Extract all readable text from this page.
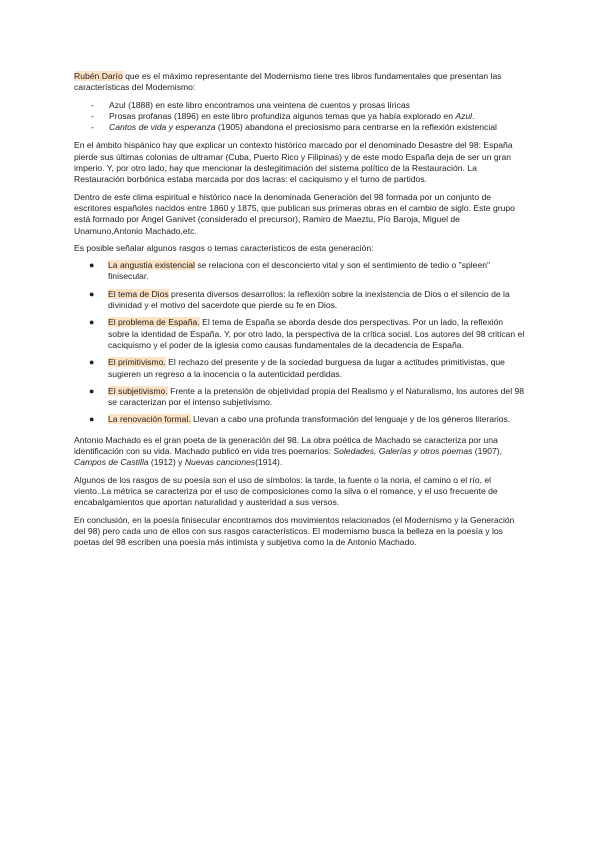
Rubén Darío que es el máximo representante del Modernismo tiene tres libros fundamentales que presentan las características del Modernismo:

- Azul (1888) en este libro encontramos una veintena de cuentos y prosas líricas
- Prosas profanas (1896) en este libro profundiza algunos temas que ya había explorado en Azul.
- Cantos de vida y esperanza (1905) abandona el preciosismo para centrarse en la reflexión existencial

En el ámbito hispánico hay que explicar un contexto histórico marcado por el denominado Desastre del 98: España pierde sus últimas colonias de ultramar (Cuba, Puerto Rico y Filipinas) y de este modo España deja de ser un gran imperio. Y, por otro lado, hay que mencionar la deslegitimación del sistema político de la Restauración. La Restauración borbónica estaba marcada por dos lacras: el caciquismo y el turno de partidos.

Dentro de este clima espiritual e histórico nace la denominada Generación del 98 formada por un conjunto de escritores españoles nacidos entre 1860 y 1875, que publican sus primeras obras en el cambio de siglo. Este grupo está formado por Ángel Ganivet (considerado el precursor), Ramiro de Maeztu, Pío Baroja, Miguel de Unamuno,Antonio Machado,etc.

Es posible señalar algunos rasgos o temas característicos de esta generación:

● La angustia existencial se relaciona con el desconcierto vital y son el sentimiento de tedio o "spleen" finisecular.
● El tema de Dios presenta diversos desarrollos: la reflexión sobre la inexistencia de Dios o el silencio de la divinidad y el motivo del sacerdote que pierde su fe en Dios.
● El problema de España. El tema de España se aborda desde dos perspectivas. Por un lado, la reflexión sobre la identidad de España. Y, por otro lado, la perspectiva de la crítica social. Los autores del 98 critican el caciquismo y el poder de la iglesia como causas fundamentales de la decadencia de España.
● El primitivismo. El rechazo del presente y de la sociedad burguesa da lugar a actitudes primitivistas, que sugieren un regreso a la inocencia o la autenticidad perdidas.
● El subjetivismo. Frente a la pretensión de objetividad propia del Realismo y el Naturalismo, los autores del 98 se caracterizan por el intenso subjetivismo.
● La renovación formal. Llevan a cabo una profunda transformación del lenguaje y de los géneros literarios.

Antonio Machado es el gran poeta de la generación del 98. La obra poética de Machado se caracteriza por una identificación con su vida. Machado publicó en vida tres poemarios: Soledades, Galerías y otros poemas (1907), Campos de Castilla (1912) y Nuevas canciones(1914).

Algunos de los rasgos de su poesía son el uso de símbolos: la tarde, la fuente o la noria, el camino o el río, el viento..La métrica se caracteriza por el uso de composiciones como la silva o el romance, y el uso frecuente de encabalgamientos que aportan naturalidad y austeridad a sus versos.

En conclusión, en la poesía finisecular encontramos dos movimientos relacionados (el Modernismo y la Generación del 98) pero cada uno de ellos con sus rasgos característicos. El modernismo busca la belleza en la poesía y los poetas del 98 escriben una poesía más intimista y subjetiva como la de Antonio Machado.
